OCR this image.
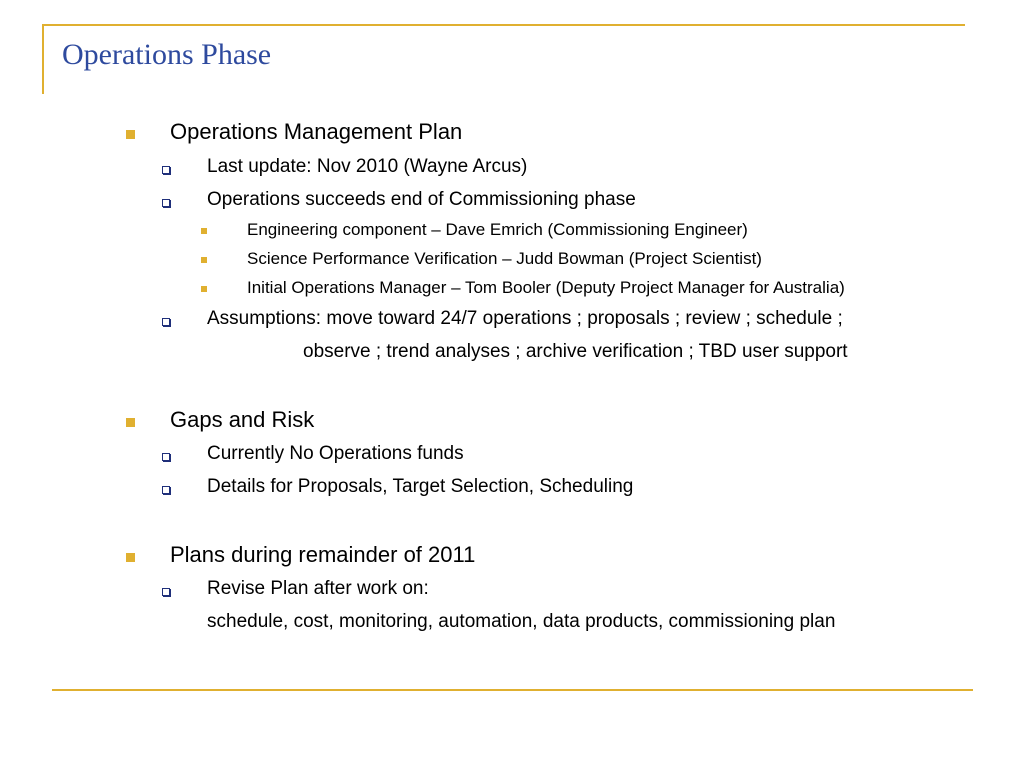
Operations Phase
Operations Management Plan
Last update: Nov 2010 (Wayne Arcus)
Operations succeeds end of Commissioning phase
Engineering component – Dave Emrich (Commissioning Engineer)
Science Performance Verification – Judd Bowman (Project Scientist)
Initial Operations Manager – Tom Booler (Deputy Project Manager for Australia)
Assumptions: move toward 24/7 operations ; proposals ; review ; schedule ;
observe ; trend analyses ; archive verification ; TBD user support
Gaps and Risk
Currently No Operations funds
Details for Proposals, Target Selection, Scheduling
Plans during remainder of 2011
Revise Plan after work on:
schedule, cost, monitoring, automation, data products, commissioning plan
